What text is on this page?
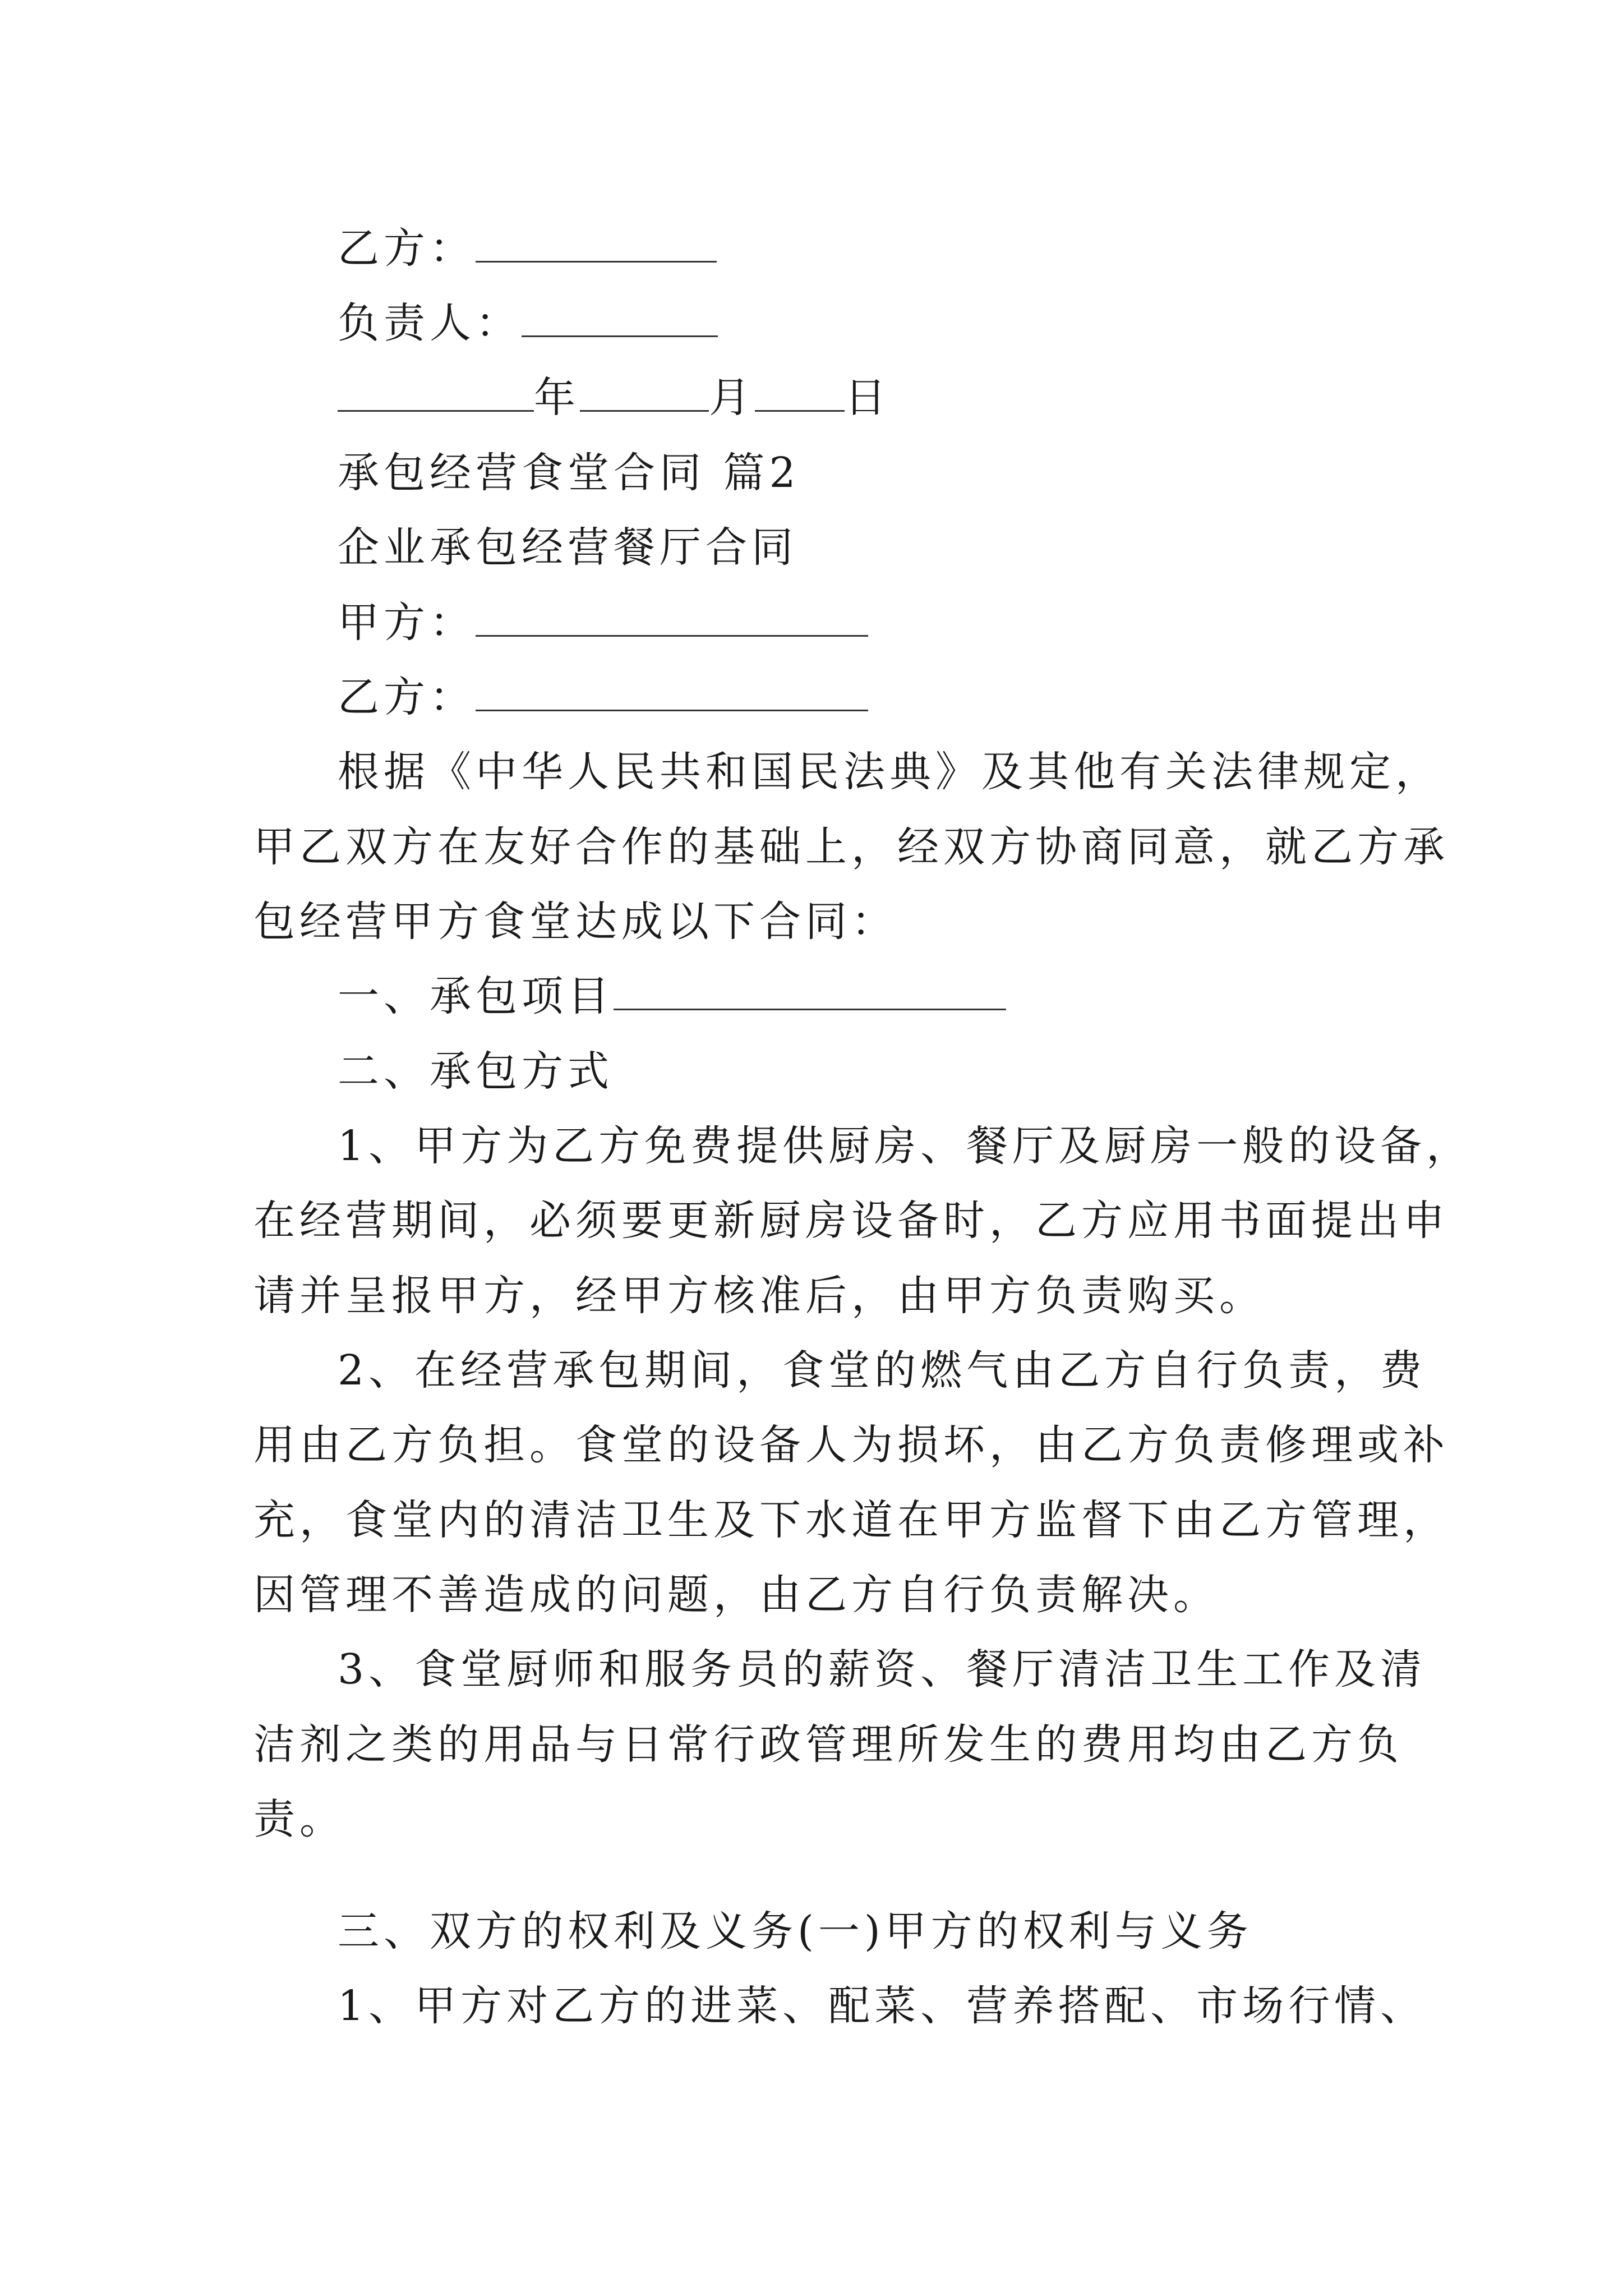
乙方：
负责人：
年	月 日
承包经营食堂合同 篇2
企业承包经营餐厅合同
甲方：
乙方：
根据《中华人民共和国民法典》及其他有关法律规定，
甲乙双方在友好合作的基础上，经双方协商同意，就乙方承
包经营甲方食堂达成以下合同：
一、承包项目
二、承包方式
1、甲方为乙方免费提供厨房、餐厅及厨房一般的设备，
在经营期间，必须要更新厨房设备时，乙方应用书面提出申
请并呈报甲方，经甲方核准后，由甲方负责购买。
2、在经营承包期间，食堂的燃气由乙方自行负责，费
用由乙方负担。食堂的设备人为损坏，由乙方负责修理或补
充，食堂内的清洁卫生及下水道在甲方监督下由乙方管理，
因管理不善造成的问题，由乙方自行负责解决。
3、食堂厨师和服务员的薪资、餐厅清洁卫生工作及清
洁剂之类的用品与日常行政管理所发生的费用均由乙方负
责。
三、双方的权利及义务(一)甲方的权利与义务
1、甲方对乙方的进菜、配菜、营养搭配、市场行情、
